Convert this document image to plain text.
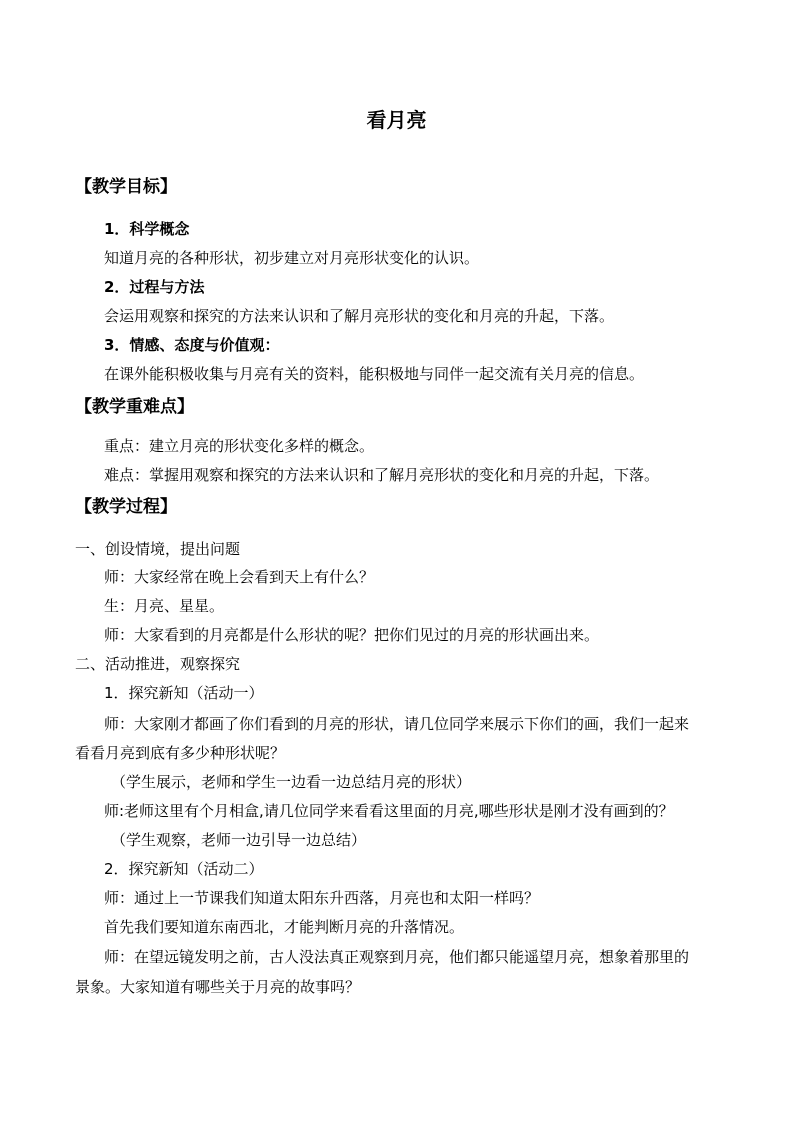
看月亮
【教学目标】
1．科学概念
知道月亮的各种形状，初步建立对月亮形状变化的认识。
2．过程与方法
会运用观察和探究的方法来认识和了解月亮形状的变化和月亮的升起，下落。
3．情感、态度与价值观：
在课外能积极收集与月亮有关的资料，能积极地与同伴一起交流有关月亮的信息。
【教学重难点】
重点：建立月亮的形状变化多样的概念。
难点：掌握用观察和探究的方法来认识和了解月亮形状的变化和月亮的升起，下落。
【教学过程】
一、创设情境，提出问题
师：大家经常在晚上会看到天上有什么？
生：月亮、星星。
师：大家看到的月亮都是什么形状的呢？把你们见过的月亮的形状画出来。
二、活动推进，观察探究
1．探究新知（活动一）
师：大家刚才都画了你们看到的月亮的形状，请几位同学来展示下你们的画，我们一起来
看看月亮到底有多少种形状呢？
（学生展示，老师和学生一边看一边总结月亮的形状）
师:老师这里有个月相盒,请几位同学来看看这里面的月亮,哪些形状是刚才没有画到的？
（学生观察，老师一边引导一边总结）
2．探究新知（活动二）
师：通过上一节课我们知道太阳东升西落，月亮也和太阳一样吗？
首先我们要知道东南西北，才能判断月亮的升落情况。
师：在望远镜发明之前，古人没法真正观察到月亮，他们都只能遥望月亮，想象着那里的
景象。大家知道有哪些关于月亮的故事吗？
